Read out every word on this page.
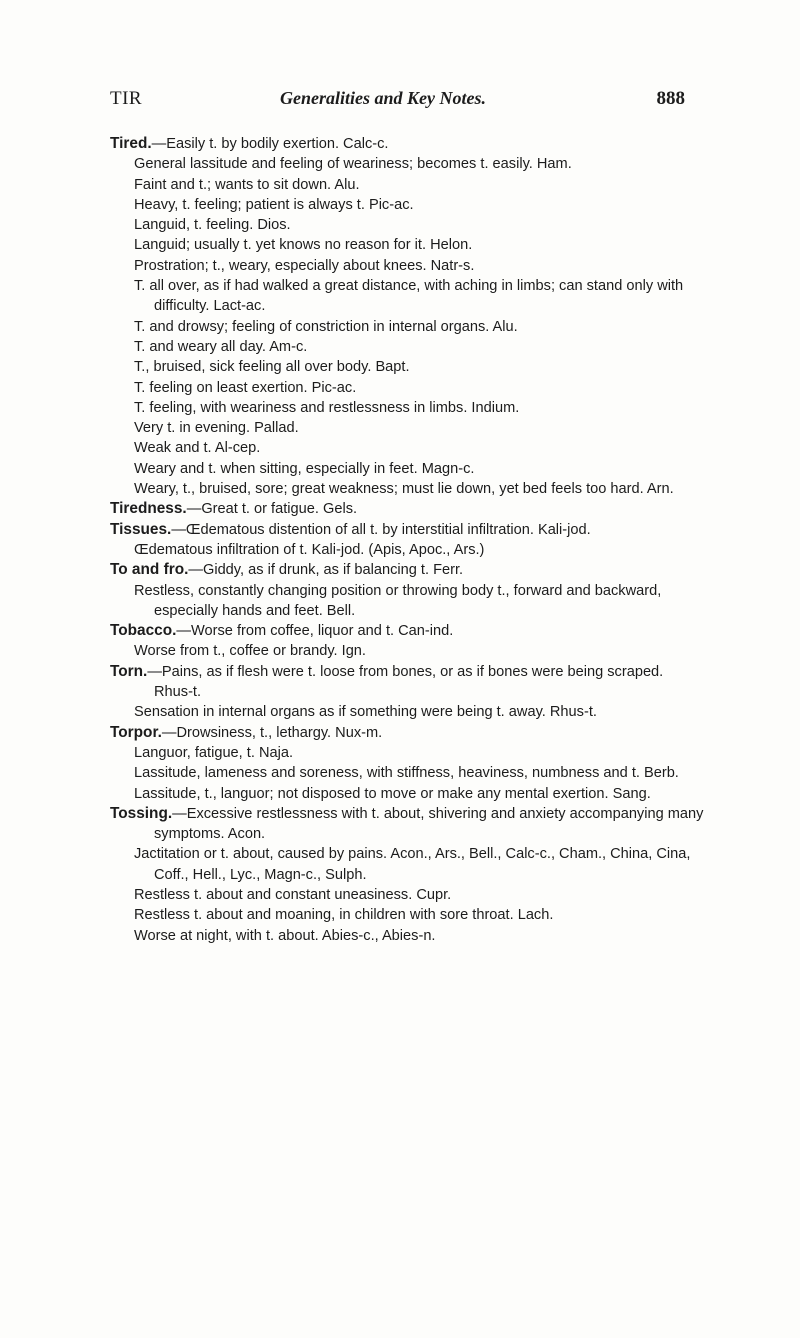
TIR	Generalities and Key Notes.	888

Tired.—Easily t. by bodily exertion. Calc-c.

General lassitude and feeling of weariness; becomes t. easily. Ham.

Faint and t.; wants to sit down. Alu.

Heavy, t. feeling; patient is always t. Pic-ac.

Languid, t. feeling. Dios.

Languid; usually t. yet knows no reason for it. Helon.

Prostration; t., weary, especially about knees. Natr-s.

T. all over, as if had walked a great distance, with aching in limbs; can stand only with difficulty. Lact-ac.

T. and drowsy; feeling of constriction in internal organs. Alu.

T. and weary all day. Am-c.

T., bruised, sick feeling all over body. Bapt.

T. feeling on least exertion. Pic-ac.

T. feeling, with weariness and restlessness in limbs. Indium.

Very t. in evening. Pallad.

Weak and t. Al-cep.

Weary and t. when sitting, especially in feet. Magn-c.

Weary, t., bruised, sore; great weakness; must lie down, yet bed feels too hard. Arn.

Tiredness.—Great t. or fatigue. Gels.

Tissues.—Œdematous distention of all t. by interstitial infiltration. Kali-jod.

Œdematous infiltration of t. Kali-jod. (Apis, Apoc., Ars.)

To and fro.—Giddy, as if drunk, as if balancing t. Ferr.

Restless, constantly changing position or throwing body t., forward and backward, especially hands and feet. Bell.

Tobacco.—Worse from coffee, liquor and t. Can-ind.

Worse from t., coffee or brandy. Ign.

Torn.—Pains, as if flesh were t. loose from bones, or as if bones were being scraped. Rhus-t.

Sensation in internal organs as if something were being t. away. Rhus-t.

Torpor.—Drowsiness, t., lethargy. Nux-m.

Languor, fatigue, t. Naja.

Lassitude, lameness and soreness, with stiffness, heaviness, numbness and t. Berb.

Lassitude, t., languor; not disposed to move or make any mental exertion. Sang.

Tossing.—Excessive restlessness with t. about, shivering and anxiety accompanying many symptoms. Acon.

Jactitation or t. about, caused by pains. Acon., Ars., Bell., Calc-c., Cham., China, Cina, Coff., Hell., Lyc., Magn-c., Sulph.

Restless t. about and constant uneasiness. Cupr.

Restless t. about and moaning, in children with sore throat. Lach.

Worse at night, with t. about. Abies-c., Abies-n.
